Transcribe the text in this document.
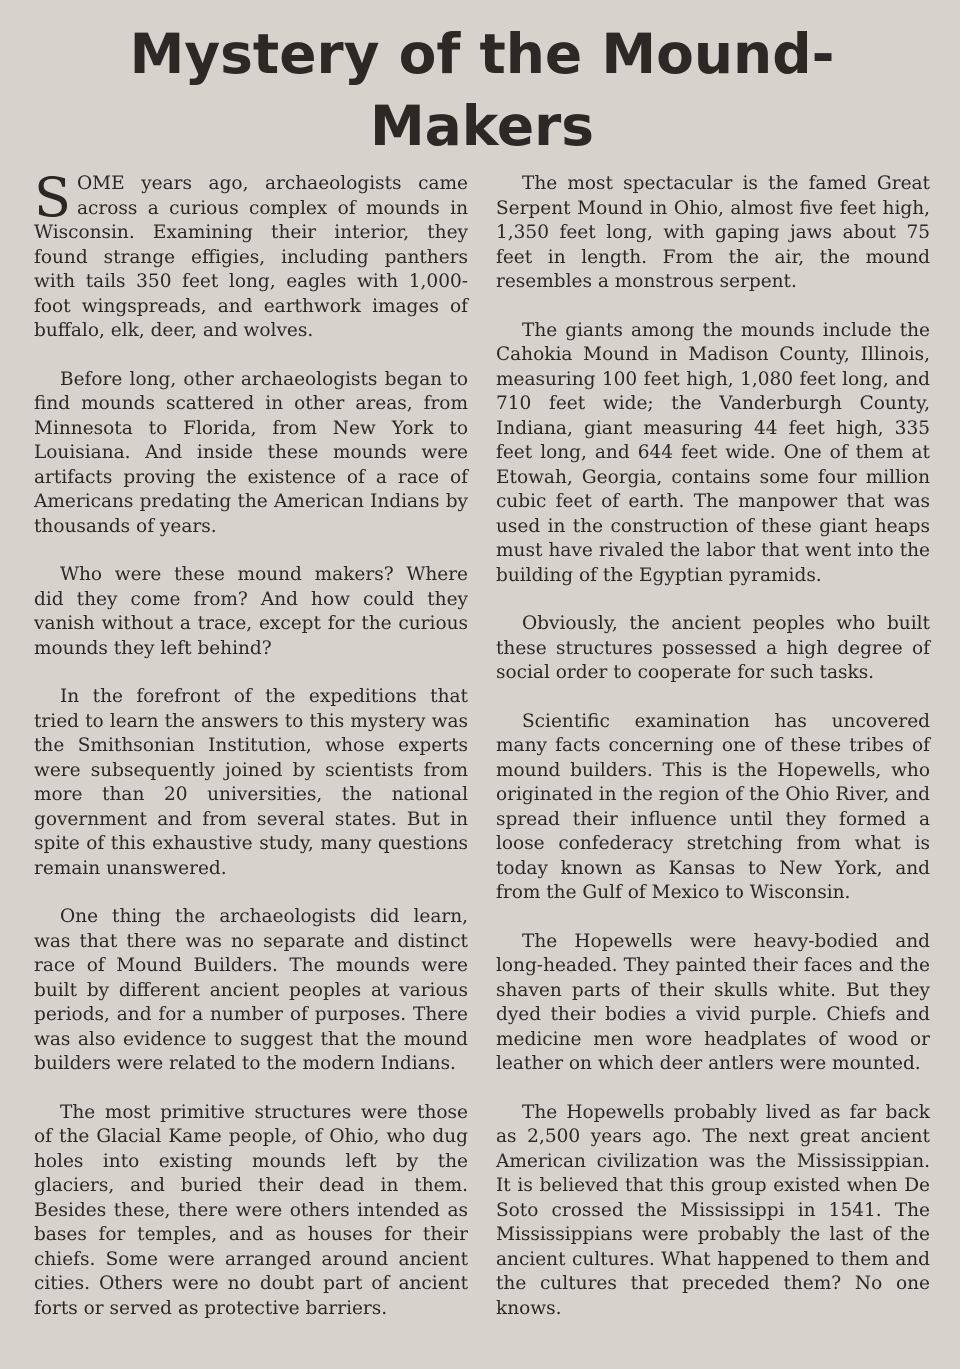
Mystery of the Mound-Makers

SOME years ago, archaeologists came across a curious complex of mounds in Wisconsin. Examining their interior, they found strange effigies, including panthers with tails 350 feet long, eagles with 1,000-foot wingspreads, and earthwork images of buffalo, elk, deer, and wolves.

Before long, other archaeologists began to find mounds scattered in other areas, from Minnesota to Florida, from New York to Louisiana. And inside these mounds were artifacts proving the existence of a race of Americans predating the American Indians by thousands of years.

Who were these mound makers? Where did they come from? And how could they vanish without a trace, except for the curious mounds they left behind?

In the forefront of the expeditions that tried to learn the answers to this mystery was the Smithsonian Institution, whose experts were subsequently joined by scientists from more than 20 universities, the national government and from several states. But in spite of this exhaustive study, many questions remain unanswered.

One thing the archaeologists did learn, was that there was no separate and distinct race of Mound Builders. The mounds were built by different ancient peoples at various periods, and for a number of purposes. There was also evidence to suggest that the mound builders were related to the modern Indians.

The most primitive structures were those of the Glacial Kame people, of Ohio, who dug holes into existing mounds left by the glaciers, and buried their dead in them. Besides these, there were others intended as bases for temples, and as houses for their chiefs. Some were arranged around ancient cities. Others were no doubt part of ancient forts or served as protective barriers.

The most spectacular is the famed Great Serpent Mound in Ohio, almost five feet high, 1,350 feet long, with gaping jaws about 75 feet in length. From the air, the mound resembles a monstrous serpent.

The giants among the mounds include the Cahokia Mound in Madison County, Illinois, measuring 100 feet high, 1,080 feet long, and 710 feet wide; the Vanderburgh County, Indiana, giant measuring 44 feet high, 335 feet long, and 644 feet wide. One of them at Etowah, Georgia, contains some four million cubic feet of earth. The manpower that was used in the construction of these giant heaps must have rivaled the labor that went into the building of the Egyptian pyramids.

Obviously, the ancient peoples who built these structures possessed a high degree of social order to cooperate for such tasks.

Scientific examination has uncovered many facts concerning one of these tribes of mound builders. This is the Hopewells, who originated in the region of the Ohio River, and spread their influence until they formed a loose confederacy stretching from what is today known as Kansas to New York, and from the Gulf of Mexico to Wisconsin.

The Hopewells were heavy-bodied and long-headed. They painted their faces and the shaven parts of their skulls white. But they dyed their bodies a vivid purple. Chiefs and medicine men wore headplates of wood or leather on which deer antlers were mounted.

The Hopewells probably lived as far back as 2,500 years ago. The next great ancient American civilization was the Mississippian. It is believed that this group existed when De Soto crossed the Mississippi in 1541. The Mississippians were probably the last of the ancient cultures. What happened to them and the cultures that preceded them? No one knows.
